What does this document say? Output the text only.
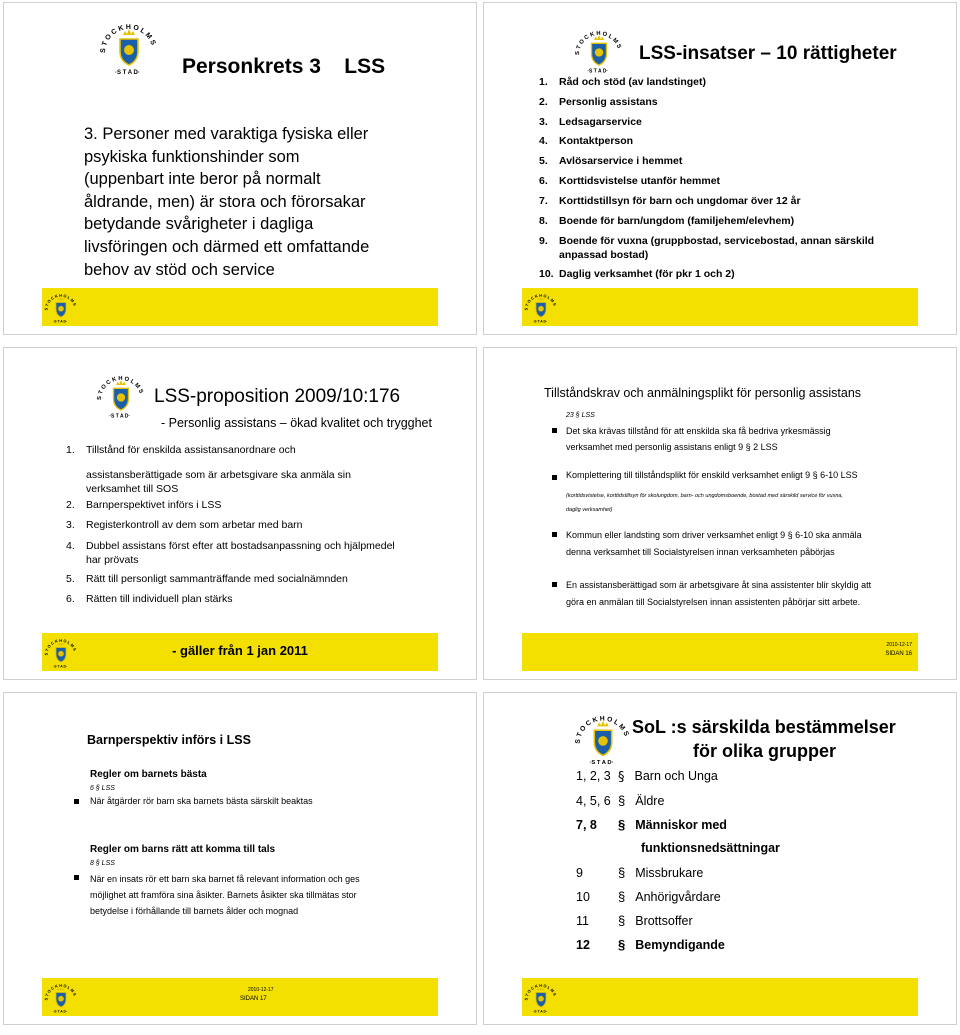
Personkrets 3    LSS
3. Personer med varaktiga fysiska eller
psykiska funktionshinder som
(uppenbart inte beror på normalt
åldrande, men) är stora och förorsakar
betydande svårigheter i dagliga
livsföringen och därmed ett omfattande
behov av stöd och service
LSS-insatser – 10 rättigheter
1. Råd och stöd (av landstinget)
2. Personlig assistans
3. Ledsagarservice
4. Kontaktperson
5. Avlösarservice i hemmet
6. Korttidsvistelse utanför hemmet
7. Korttidstillsyn för barn och ungdomar över 12 år
8. Boende för barn/ungdom (familjehem/elevhem)
9. Boende för vuxna (gruppbostad, servicebostad, annan särskild
anpassad bostad)
10. Daglig verksamhet (för pkr 1 och 2)
LSS-proposition 2009/10:176
- Personlig assistans – ökad kvalitet och trygghet
1. Tillstånd för enskilda assistansanordnare och
assistansberättigade som är arbetsgivare ska anmäla sin
verksamhet till SOS
2. Barnperspektivet införs i LSS
3. Registerkontroll av dem som arbetar med barn
4. Dubbel assistans först efter att bostadsanpassning och hjälpmedel
har prövats
5. Rätt till personligt sammanträffande med socialnämnden
6. Rätten till individuell plan stärks
- gäller från 1 jan 2011
Tillståndskrav och anmälningsplikt för personlig assistans
23 § LSS
Det ska krävas tillstånd för att enskilda ska få bedriva yrkesmässig
verksamhet med personlig assistans enligt 9 § 2 LSS
Komplettering till tillståndsplikt för enskild verksamhet enligt 9 § 6-10 LSS
(korttidsvistelse, korttidstillsyn för skolungdom, barn- och ungdomsboende, bostad med särskild service för vuxna,
daglig verksamhet)
Kommun eller landsting som driver verksamhet enligt 9 § 6-10 ska anmäla
denna verksamhet till Socialstyrelsen innan verksamheten påbörjas
En assistansberättigad som är arbetsgivare åt sina assistenter blir skyldig att
göra en anmälan till Socialstyrelsen innan assistenten påbörjar sitt arbete.
2010-12-17
SIDAN 16
Barnperspektiv införs i LSS
Regler om barnets bästa
6 § LSS
När åtgärder rör barn ska barnets bästa särskilt beaktas
Regler om barns rätt att komma till tals
8 § LSS
När en insats rör ett barn ska barnet få relevant information och ges
möjlighet att framföra sina åsikter. Barnets åsikter ska tillmätas stor
betydelse i förhållande till barnets ålder och mognad
2010-12-17
SIDAN 17
SoL :s särskilda bestämmelser
för olika grupper
1, 2, 3 § Barn och Unga
4, 5, 6 § Äldre
7, 8 § Människor med
funktionsnedsättningar
9	§ Missbrukare
10 § Anhörigvårdare
11 § Brottsoffer
12 § Bemyndigande
